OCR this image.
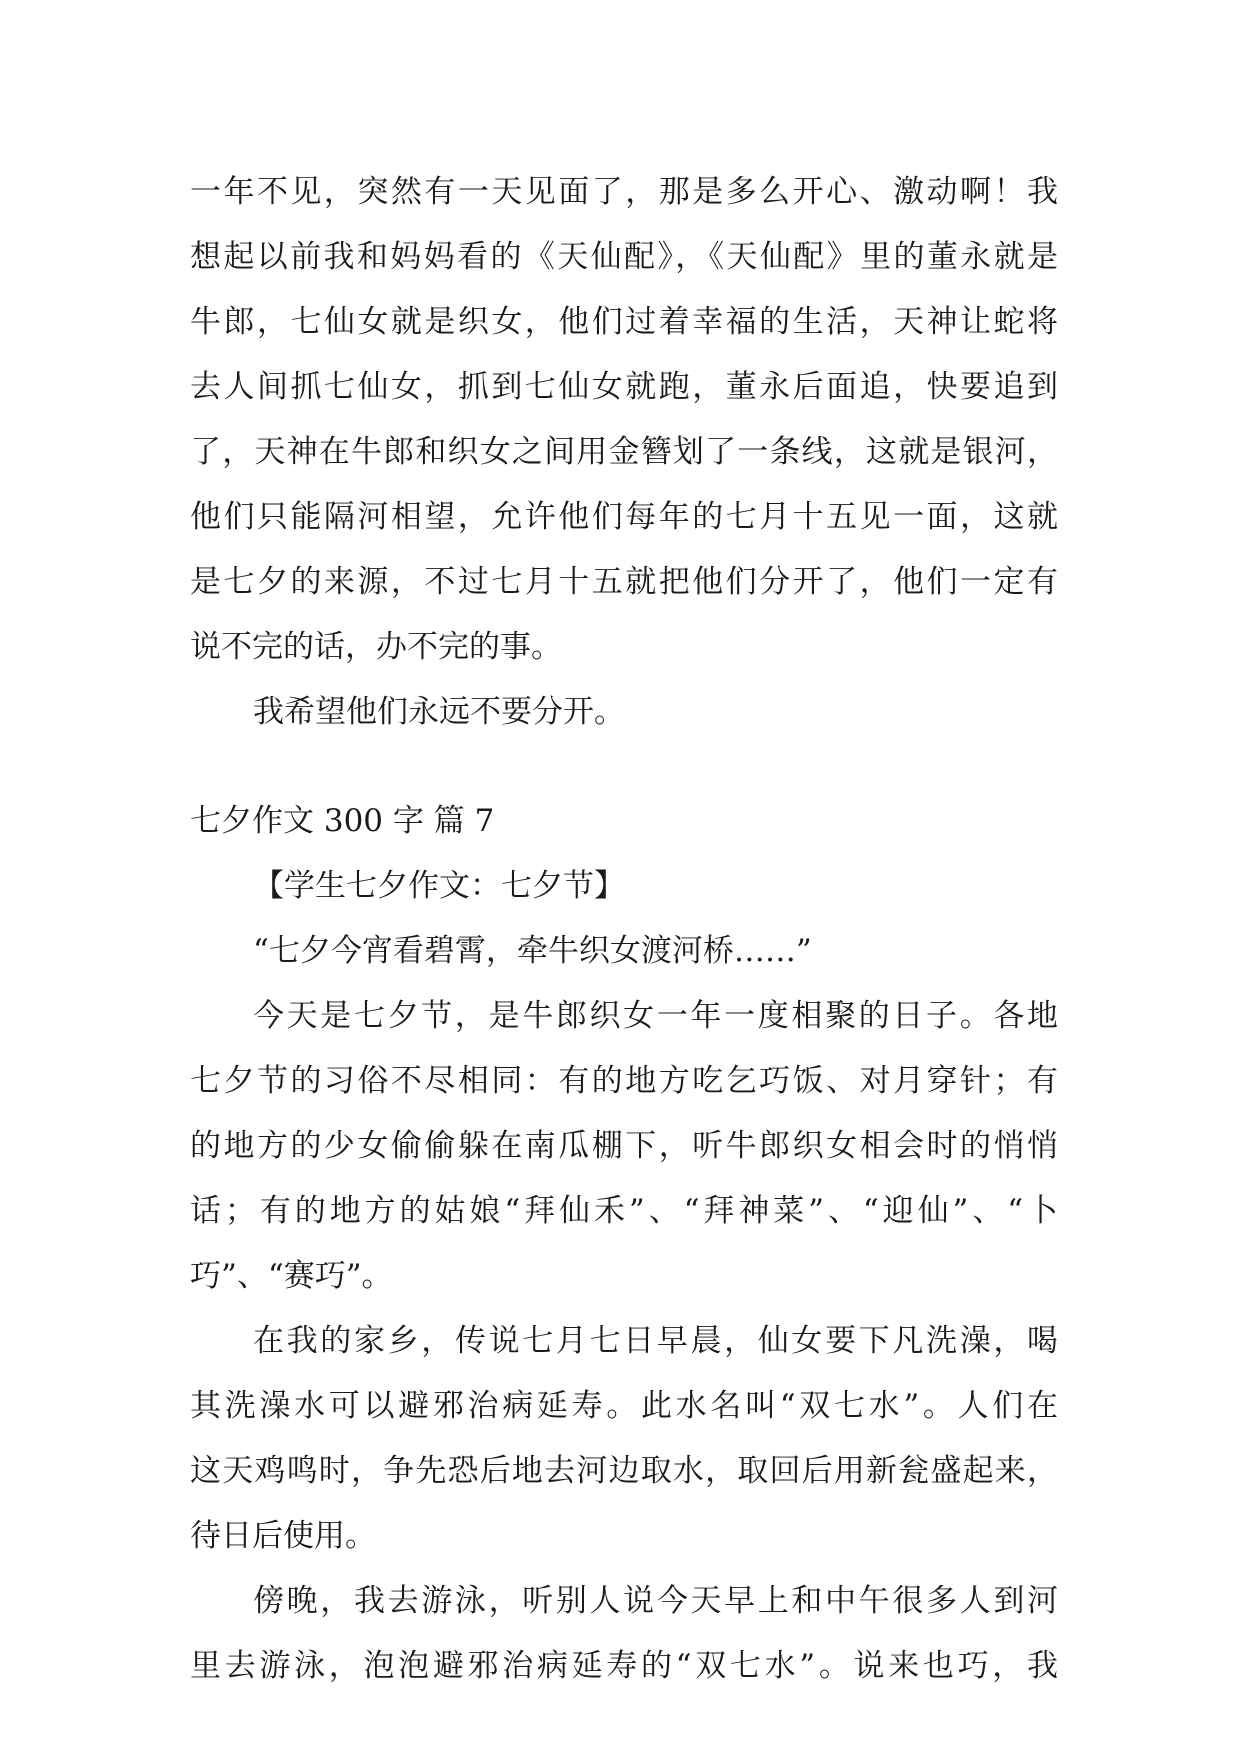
一年不见，突然有一天见面了，那是多么开心、激动啊！我
想起以前我和妈妈看的《天仙配》，《天仙配》里的董永就是
牛郎，七仙女就是织女，他们过着幸福的生活，天神让蛇将
去人间抓七仙女，抓到七仙女就跑，董永后面追，快要追到
了，天神在牛郎和织女之间用金簪划了一条线，这就是银河，
他们只能隔河相望，允许他们每年的七月十五见一面，这就
是七夕的来源，不过七月十五就把他们分开了，他们一定有
说不完的话，办不完的事。
我希望他们永远不要分开。
七夕作文 300 字 篇 7
【学生七夕作文：七夕节】
“七夕今宵看碧霄，牵牛织女渡河桥……”
今天是七夕节，是牛郎织女一年一度相聚的日子。各地
七夕节的习俗不尽相同：有的地方吃乞巧饭、对月穿针；有
的地方的少女偷偷躲在南瓜棚下，听牛郎织女相会时的悄悄
话；有的地方的姑娘“拜仙禾”、“拜神菜”、“迎仙”、“卜
巧”、“赛巧”。
在我的家乡，传说七月七日早晨，仙女要下凡洗澡，喝
其洗澡水可以避邪治病延寿。此水名叫“双七水”。人们在
这天鸡鸣时，争先恐后地去河边取水，取回后用新瓮盛起来，
待日后使用。
傍晚，我去游泳，听别人说今天早上和中午很多人到河
里去游泳，泡泡避邪治病延寿的“双七水”。说来也巧，我
